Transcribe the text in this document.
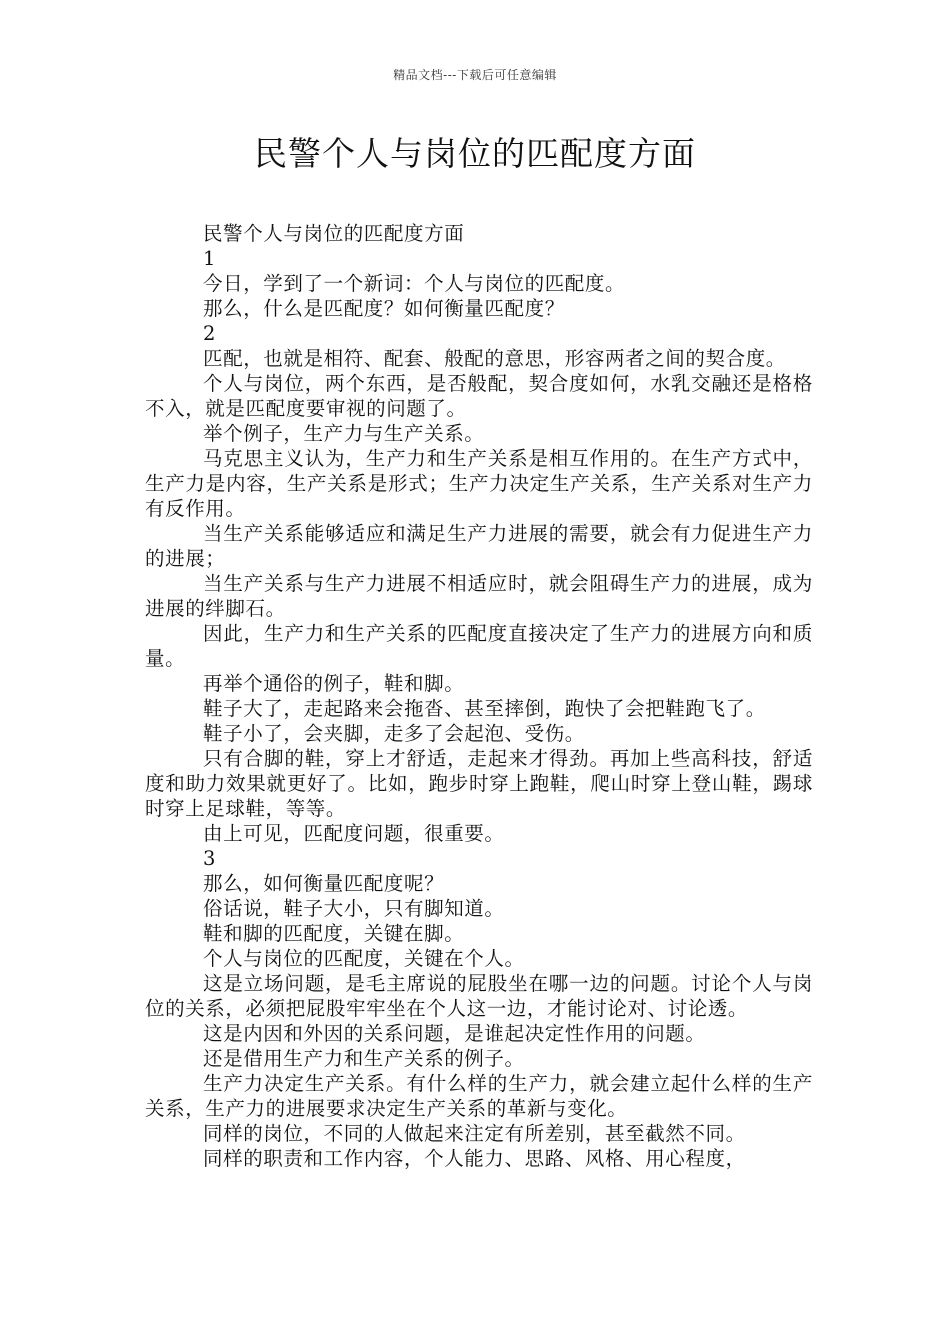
精品文档---下载后可任意编辑
民警个人与岗位的匹配度方面

民警个人与岗位的匹配度方面

1

今日，学到了一个新词：个人与岗位的匹配度。

那么，什么是匹配度？如何衡量匹配度？

2

匹配，也就是相符、配套、般配的意思，形容两者之间的契合度。

个人与岗位，两个东西，是否般配，契合度如何，水乳交融还是格格不入，就是匹配度要审视的问题了。

举个例子，生产力与生产关系。

马克思主义认为，生产力和生产关系是相互作用的。在生产方式中，生产力是内容，生产关系是形式；生产力决定生产关系，生产关系对生产力有反作用。

当生产关系能够适应和满足生产力进展的需要，就会有力促进生产力的进展；

当生产关系与生产力进展不相适应时，就会阻碍生产力的进展，成为进展的绊脚石。

因此，生产力和生产关系的匹配度直接决定了生产力的进展方向和质量。

再举个通俗的例子，鞋和脚。

鞋子大了，走起路来会拖沓、甚至摔倒，跑快了会把鞋跑飞了。

鞋子小了，会夹脚，走多了会起泡、受伤。

只有合脚的鞋，穿上才舒适，走起来才得劲。再加上些高科技，舒适度和助力效果就更好了。比如，跑步时穿上跑鞋，爬山时穿上登山鞋，踢球时穿上足球鞋，等等。

由上可见，匹配度问题，很重要。

3

那么，如何衡量匹配度呢？

俗话说，鞋子大小，只有脚知道。

鞋和脚的匹配度，关键在脚。

个人与岗位的匹配度，关键在个人。

这是立场问题，是毛主席说的屁股坐在哪一边的问题。讨论个人与岗位的关系，必须把屁股牢牢坐在个人这一边，才能讨论对、讨论透。

这是内因和外因的关系问题，是谁起决定性作用的问题。

还是借用生产力和生产关系的例子。

生产力决定生产关系。有什么样的生产力，就会建立起什么样的生产关系，生产力的进展要求决定生产关系的革新与变化。

同样的岗位，不同的人做起来注定有所差别，甚至截然不同。

同样的职责和工作内容，个人能力、思路、风格、用心程度，
